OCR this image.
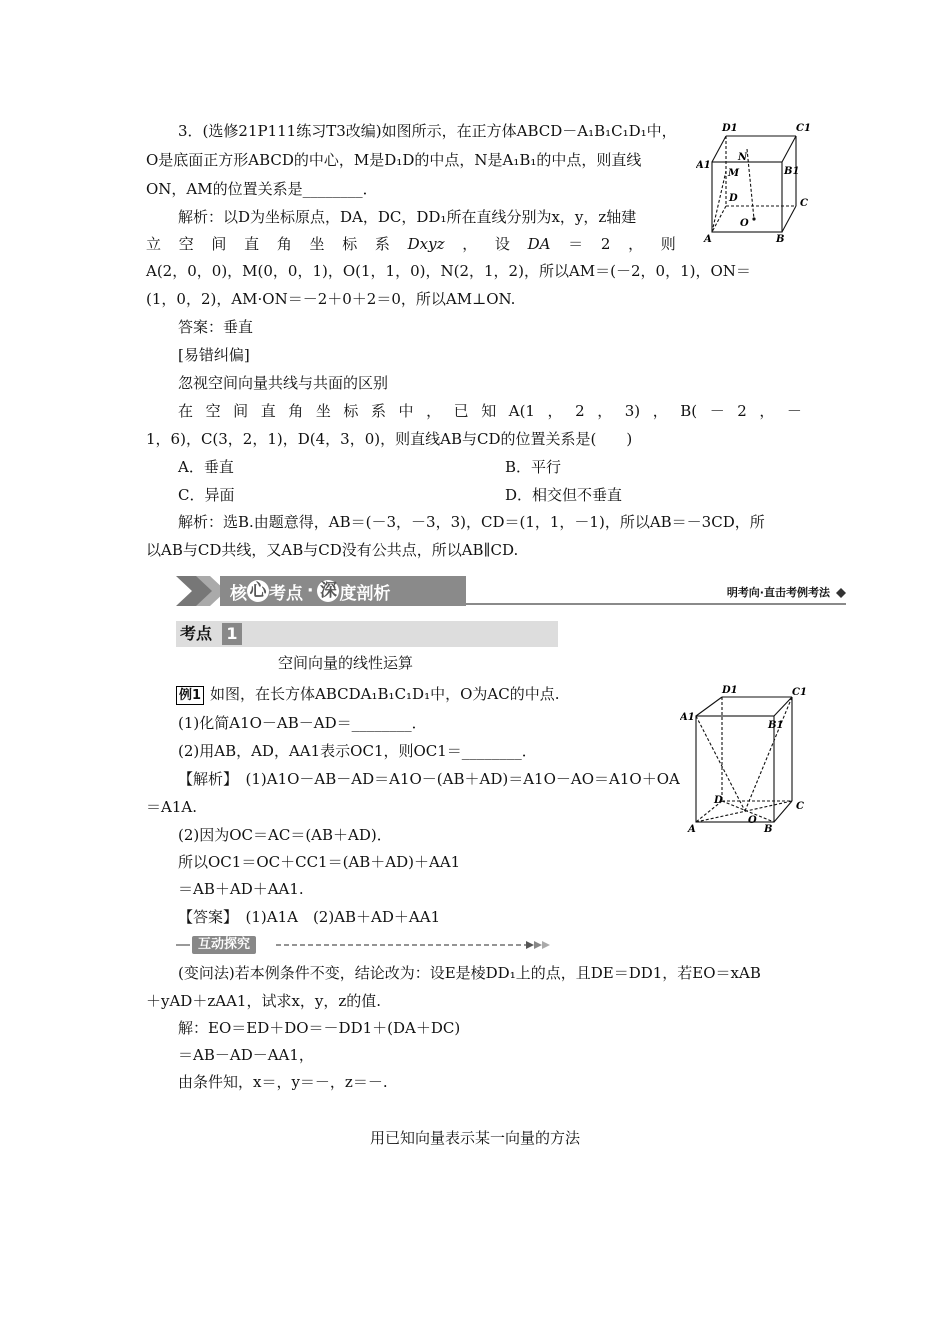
3．(选修21P111练习T3改编)如图所示，在正方体ABCD－A₁B₁C₁D₁中，
O是底面正方形ABCD的中心，M是D₁D的中点，N是A₁B₁的中点，则直线
ON，AM的位置关系是________．
解析：以D为坐标原点，DA，DC，DD₁所在直线分别为x，y，z轴建
立 空 间 直 角 坐 标 系 Dxyz ， 设 DA ＝ 2 ， 则
A(2，0，0)，M(0，0，1)，O(1，1，0)，N(2，1，2)，所以AM＝(－2，0，1)，ON＝
(1，0，2)，AM·ON＝－2＋0＋2＝0，所以AM⊥ON.
答案：垂直
D1	C1
A1
N
B1
M
D	C
O
A	B
[易错纠偏]
忽视空间向量共线与共面的区别
在 空 间 直 角 坐 标 系 中 ， 已 知 A(1 ， 2 ， 3) ， B( － 2 ， －
1，6)，C(3，2，1)，D(4，3，0)，则直线AB与CD的位置关系是(　　)
A．垂直	B．平行
C．异面	D．相交但不垂直
解析：选B.由题意得，AB＝(－3，－3，3)，CD＝(1，1，－1)，所以AB＝－3CD，所
以AB与CD共线，又AB与CD没有公共点，所以AB∥CD.
核 心 考 点 · 深 度 剖 析	明考向·直击考例考法
考点 1
空间向量的线性运算
例1 如图，在长方体ABCDA₁B₁C₁D₁中，O为AC的中点.
(1)化简A1O－AB－AD＝________．
(2)用AB，AD，AA1表示OC1，则OC1＝________．
【解析】　(1)A1O－AB－AD＝A1O－(AB＋AD)＝A1O－AO＝A1O＋OA
＝A1A.
(2)因为OC＝AC＝(AB＋AD)．
所以OC1＝OC＋CC1＝(AB＋AD)＋AA1
＝AB＋AD＋AA1.
【答案】　(1)A1A　(2)AB＋AD＋AA1
D1	C1
A1
B1
D
C
A
O
B
互动探究
(变问法)若本例条件不变，结论改为：设E是棱DD₁上的点，且DE＝DD1，若EO＝xAB
＋yAD＋zAA1，试求x，y，z的值.
解：EO＝ED＋DO＝－DD1＋(DA＋DC)
＝AB－AD－AA1，
由条件知，x＝，y＝－，z＝－.
用已知向量表示某一向量的方法
